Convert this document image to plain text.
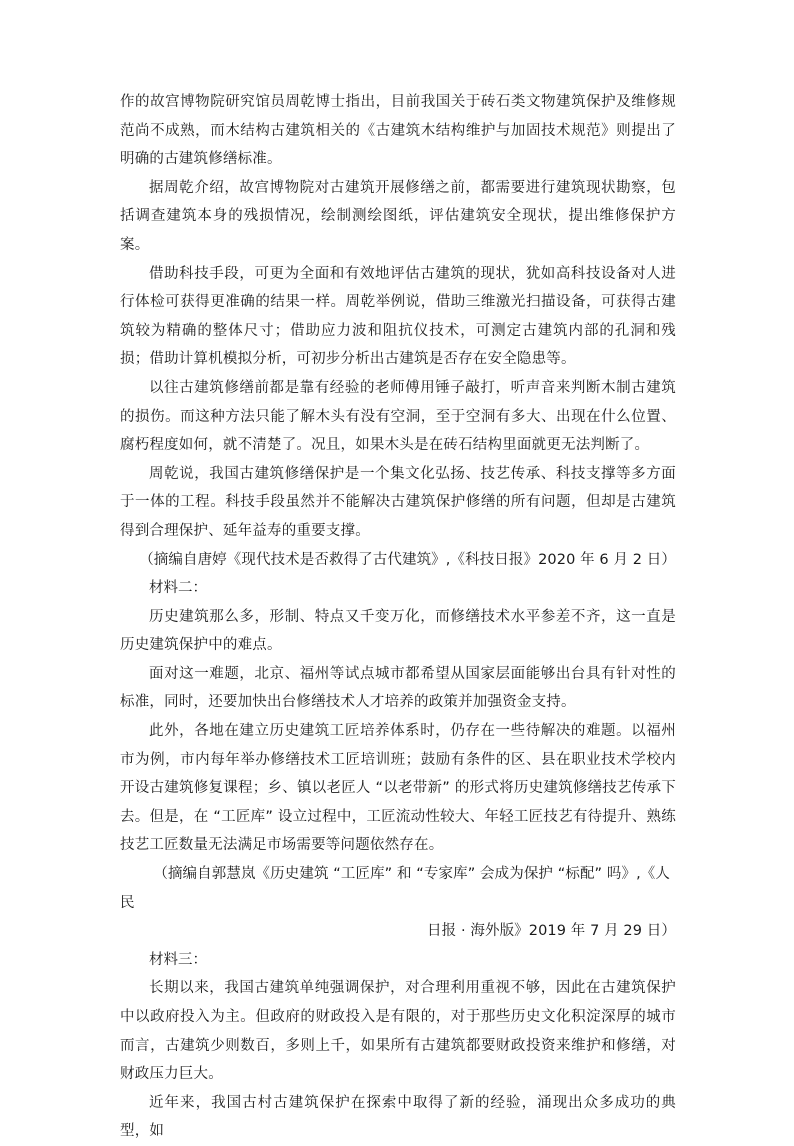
作的故宫博物院研究馆员周乾博士指出，目前我国关于砖石类文物建筑保护及维修规范尚不成熟，而木结构古建筑相关的《古建筑木结构维护与加固技术规范》则提出了明确的古建筑修缮标准。

据周乾介绍，故宫博物院对古建筑开展修缮之前，都需要进行建筑现状勘察，包括调查建筑本身的残损情况，绘制测绘图纸，评估建筑安全现状，提出维修保护方案。

借助科技手段，可更为全面和有效地评估古建筑的现状，犹如高科技设备对人进行体检可获得更准确的结果一样。周乾举例说，借助三维激光扫描设备，可获得古建筑较为精确的整体尺寸；借助应力波和阻抗仪技术，可测定古建筑内部的孔洞和残损；借助计算机模拟分析，可初步分析出古建筑是否存在安全隐患等。

以往古建筑修缮前都是靠有经验的老师傅用锤子敲打，听声音来判断木制古建筑的损伤。而这种方法只能了解木头有没有空洞，至于空洞有多大、出现在什么位置、腐朽程度如何，就不清楚了。况且，如果木头是在砖石结构里面就更无法判断了。

周乾说，我国古建筑修缮保护是一个集文化弘扬、技艺传承、科技支撑等多方面于一体的工程。科技手段虽然并不能解决古建筑保护修缮的所有问题，但却是古建筑得到合理保护、延年益寿的重要支撑。

（摘编自唐婷《现代技术是否救得了古代建筑》,《科技日报》2020 年 6 月 2 日）

材料二：

历史建筑那么多，形制、特点又千变万化，而修缮技术水平参差不齐，这一直是历史建筑保护中的难点。

面对这一难题，北京、福州等试点城市都希望从国家层面能够出台具有针对性的标准，同时，还要加快出台修缮技术人才培养的政策并加强资金支持。

此外，各地在建立历史建筑工匠培养体系时，仍存在一些待解决的难题。以福州市为例，市内每年举办修缮技术工匠培训班；鼓励有条件的区、县在职业技术学校内开设古建筑修复课程；乡、镇以老匠人 “以老带新” 的形式将历史建筑修缮技艺传承下去。但是，在 “工匠库” 设立过程中，工匠流动性较大、年轻工匠技艺有待提升、熟练技艺工匠数量无法满足市场需要等问题依然存在。

（摘编自郭慧岚《历史建筑 “工匠库” 和 “专家库” 会成为保护 “标配” 吗》,《人民

日报 · 海外版》2019 年 7 月 29 日）

材料三：

长期以来，我国古建筑单纯强调保护，对合理利用重视不够，因此在古建筑保护中以政府投入为主。但政府的财政投入是有限的，对于那些历史文化积淀深厚的城市而言，古建筑少则数百，多则上千，如果所有古建筑都要财政投资来维护和修缮，对财政压力巨大。

近年来，我国古村古建筑保护在探索中取得了新的经验，涌现出众多成功的典型，如
